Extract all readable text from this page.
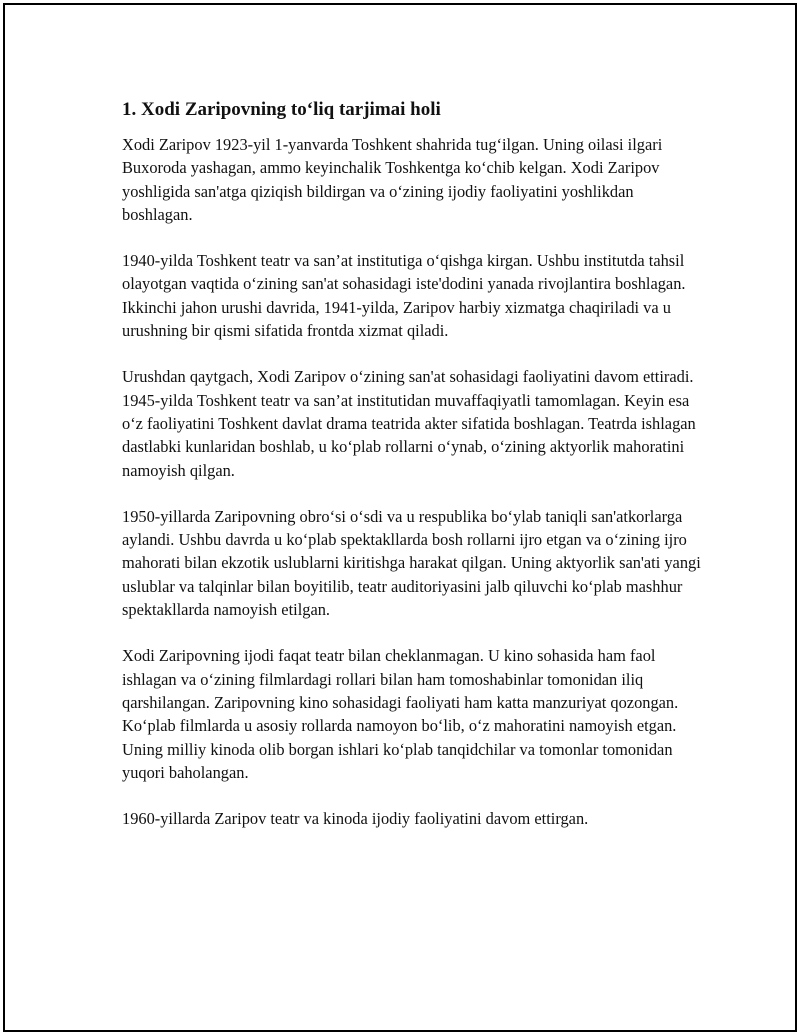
1. Xodi Zaripovning to‘liq tarjimai holi

Xodi Zaripov 1923-yil 1-yanvarda Toshkent shahrida tug‘ilgan. Uning oilasi ilgari Buxoroda yashagan, ammo keyinchalik Toshkentga ko‘chib kelgan. Xodi Zaripov yoshligida san'atga qiziqish bildirgan va o‘zining ijodiy faoliyatini yoshlikdan boshlagan.

1940-yilda Toshkent teatr va san’at institutiga o‘qishga kirgan. Ushbu institutda tahsil olayotgan vaqtida o‘zining san'at sohasidagi iste'dodini yanada rivojlantira boshlagan. Ikkinchi jahon urushi davrida, 1941-yilda, Zaripov harbiy xizmatga chaqiriladi va u urushning bir qismi sifatida frontda xizmat qiladi.

Urushdan qaytgach, Xodi Zaripov o‘zining san'at sohasidagi faoliyatini davom ettiradi. 1945-yilda Toshkent teatr va san’at institutidan muvaffaqiyatli tamomlagan. Keyin esa o‘z faoliyatini Toshkent davlat drama teatrida akter sifatida boshlagan. Teatrda ishlagan dastlabki kunlaridan boshlab, u ko‘plab rollarni o‘ynab, o‘zining aktyorlik mahoratini namoyish qilgan.

1950-yillarda Zaripovning obro‘si o‘sdi va u respublika bo‘ylab taniqli san'atkorlarga aylandi. Ushbu davrda u ko‘plab spektakllarda bosh rollarni ijro etgan va o‘zining ijro mahorati bilan ekzotik uslublarni kiritishga harakat qilgan. Uning aktyorlik san'ati yangi uslublar va talqinlar bilan boyitilib, teatr auditoriyasini jalb qiluvchi ko‘plab mashhur spektakllarda namoyish etilgan.

Xodi Zaripovning ijodi faqat teatr bilan cheklanmagan. U kino sohasida ham faol ishlagan va o‘zining filmlardagi rollari bilan ham tomoshabinlar tomonidan iliq qarshilangan. Zaripovning kino sohasidagi faoliyati ham katta manzuriyat qozongan. Ko‘plab filmlarda u asosiy rollarda namoyon bo‘lib, o‘z mahoratini namoyish etgan. Uning milliy kinoda olib borgan ishlari ko‘plab tanqidchilar va tomonlar tomonidan yuqori baholangan.

1960-yillarda Zaripov teatr va kinoda ijodiy faoliyatini davom ettirgan.
